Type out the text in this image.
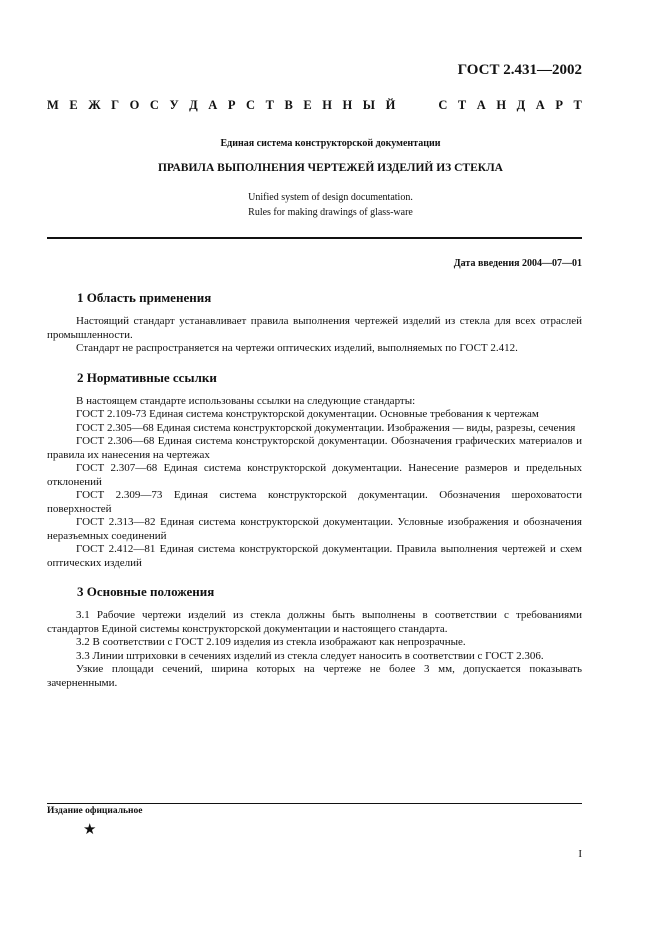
ГОСТ 2.431—2002
М Е Ж Г О С У Д А Р С Т В Е Н Н Ы Й	С Т А Н Д А Р Т
Единая система конструкторской документации
ПРАВИЛА ВЫПОЛНЕНИЯ ЧЕРТЕЖЕЙ ИЗДЕЛИЙ ИЗ СТЕКЛА
Unified system of design documentation.
Rules for making drawings of glass-ware
Дата введения 2004—07—01
1 Область применения

Настоящий стандарт устанавливает правила выполнения чертежей изделий из стекла для всех отраслей промышленности.

Стандарт не распространяется на чертежи оптических изделий, выполняемых по ГОСТ 2.412.

2 Нормативные ссылки

В настоящем стандарте использованы ссылки на следующие стандарты:

ГОСТ 2.109-73 Единая система конструкторской документации. Основные требования к чертежам

ГОСТ 2.305—68 Единая система конструкторской документации. Изображения — виды, разрезы, сечения

ГОСТ 2.306—68 Единая система конструкторской документации. Обозначения графических материалов и правила их нанесения на чертежах

ГОСТ 2.307—68 Единая система конструкторской документации. Нанесение размеров и предельных отклонений

ГОСТ 2.309—73 Единая система конструкторской документации. Обозначения шероховатости поверхностей

ГОСТ 2.313—82 Единая система конструкторской документации. Условные изображения и обозначения неразъемных соединений

ГОСТ 2.412—81 Единая система конструкторской документации. Правила выполнения чертежей и схем оптических изделий

3 Основные положения

3.1 Рабочие чертежи изделий из стекла должны быть выполнены в соответствии с требованиями стандартов Единой системы конструкторской документации и настоящего стандарта.

3.2 В соответствии с ГОСТ 2.109 изделия из стекла изображают как непрозрачные.

3.3 Линии штриховки в сечениях изделий из стекла следует наносить в соответствии с ГОСТ 2.306.

Узкие площади сечений, ширина которых на чертеже не более 3 мм, допускается показывать зачерненными.

Издание официальное
★
I
